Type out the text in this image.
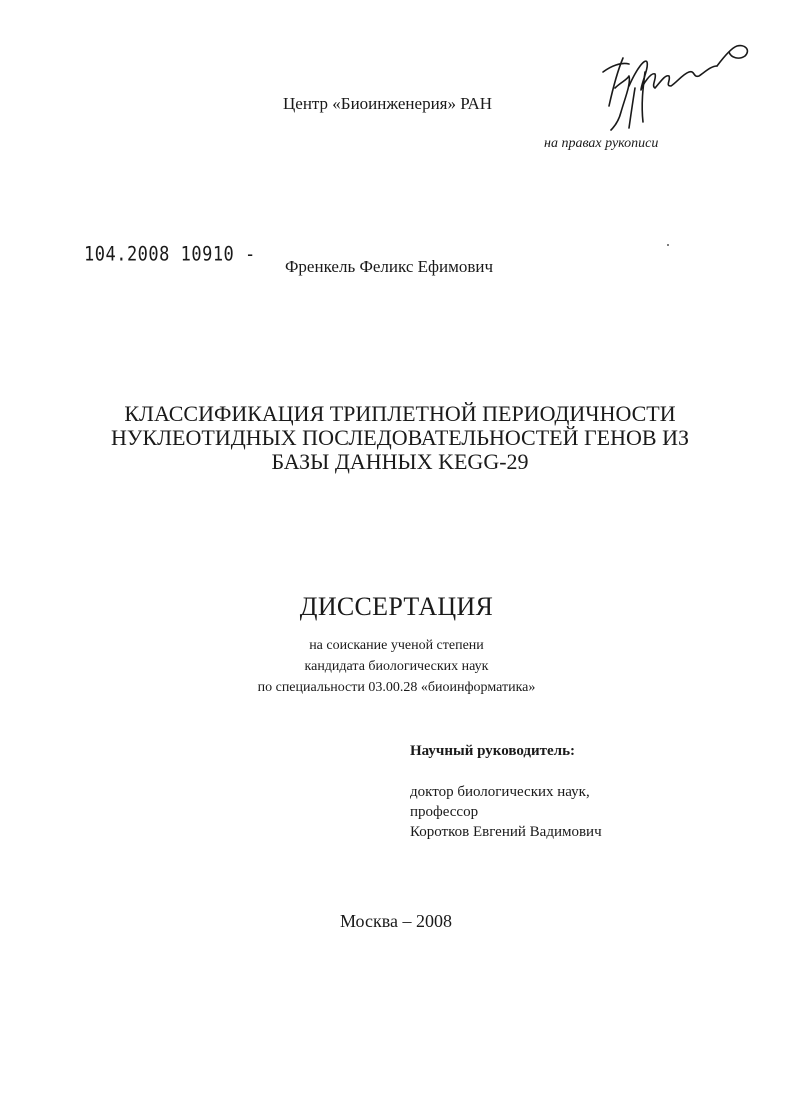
Центр «Биоинженерия» РАН
на правах рукописи
104.2008 10910 -
Френкель Феликс Ефимович
КЛАССИФИКАЦИЯ ТРИПЛЕТНОЙ ПЕРИОДИЧНОСТИ
НУКЛЕОТИДНЫХ ПОСЛЕДОВАТЕЛЬНОСТЕЙ ГЕНОВ ИЗ
БАЗЫ ДАННЫХ KEGG-29
ДИССЕРТАЦИЯ
на соискание ученой степени
кандидата биологических наук
по специальности 03.00.28 «биоинформатика»
Научный руководитель:
доктор биологических наук,
профессор
Коротков Евгений Вадимович
Москва – 2008
